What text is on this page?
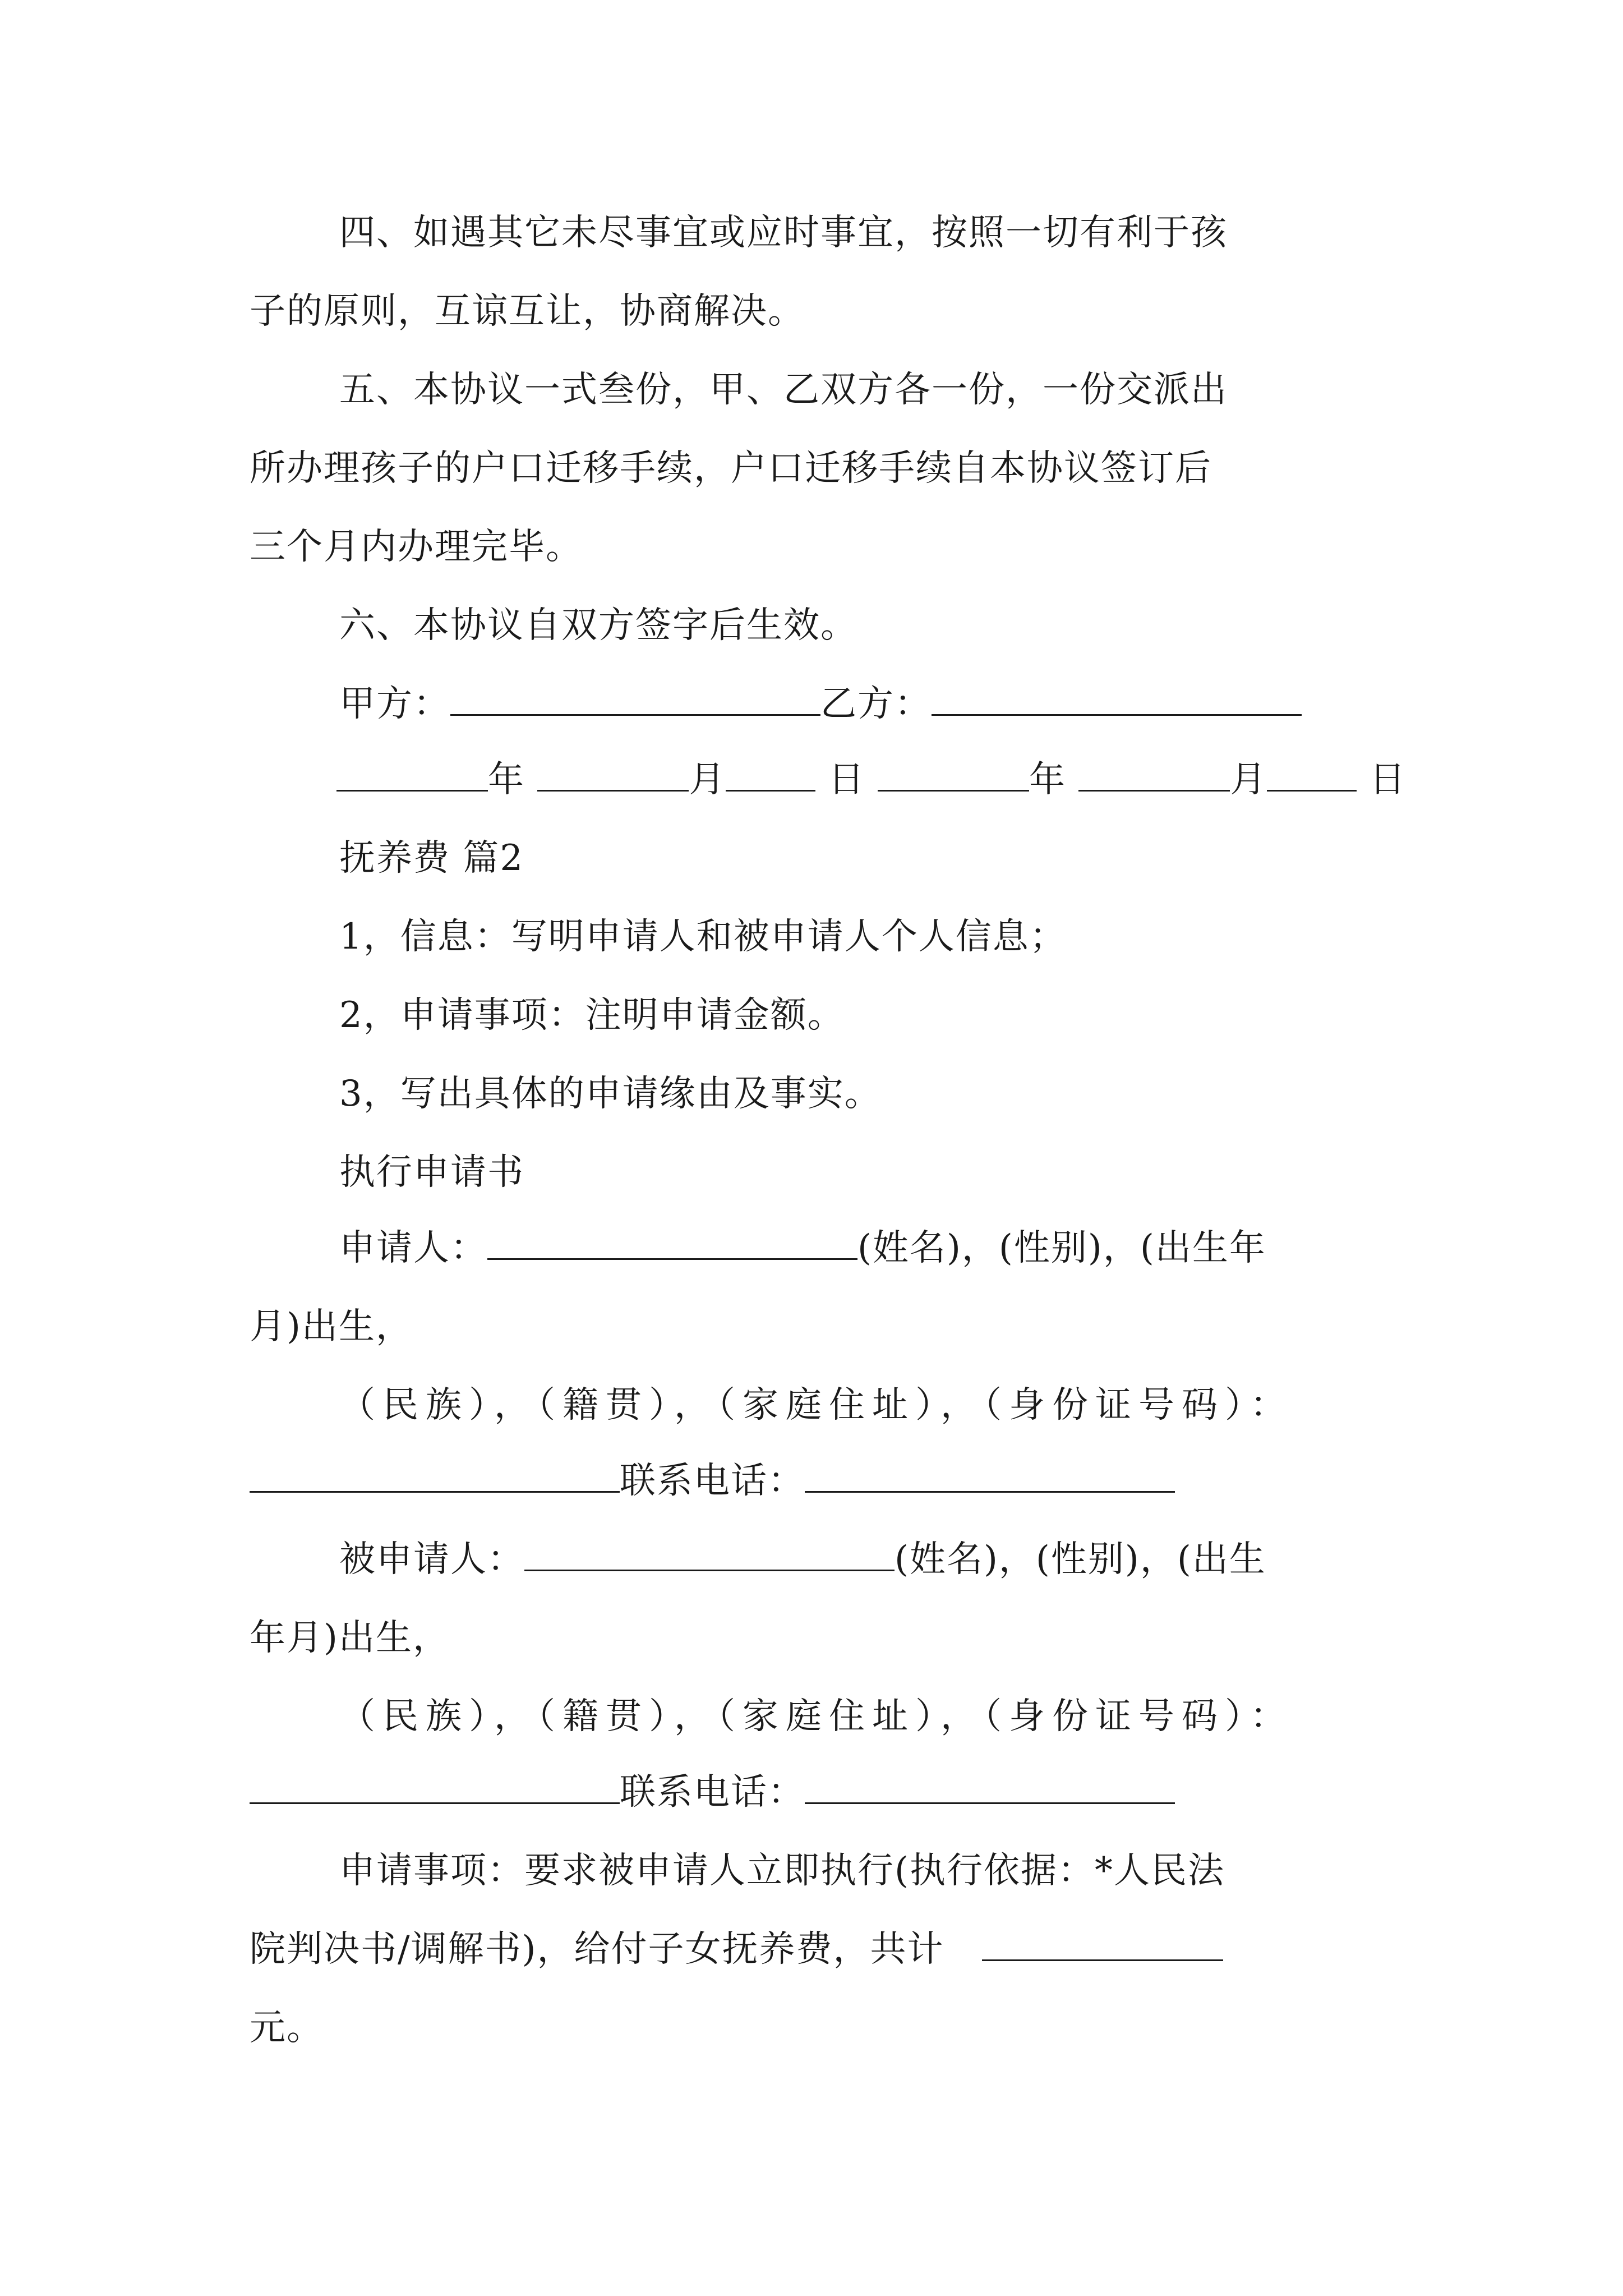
四、如遇其它未尽事宜或应时事宜，按照一切有利于孩
子的原则，互谅互让，协商解决。
五、本协议一式叁份，甲、乙双方各一份，一份交派出
所办理孩子的户口迁移手续，户口迁移手续自本协议签订后
三个月内办理完毕。
六、本协议自双方签字后生效。
甲方：	乙方：
年	月	日	年	月	日
抚养费 篇2
1，信息：写明申请人和被申请人个人信息；
2，申请事项：注明申请金额。
3，写出具体的申请缘由及事实。
执行申请书
申请人：	(姓名)，(性别)，(出生年
月)出生，
（民族），（籍贯），（家庭住址），（身份证号码）：
联系电话：
被申请人：	(姓名)，(性别)，(出生
年月)出生，
（民族），（籍贯），（家庭住址），（身份证号码）：
联系电话：
申请事项：要求被申请人立即执行(执行依据：*人民法
院判决书/调解书)，给付子女抚养费，共计
元。
